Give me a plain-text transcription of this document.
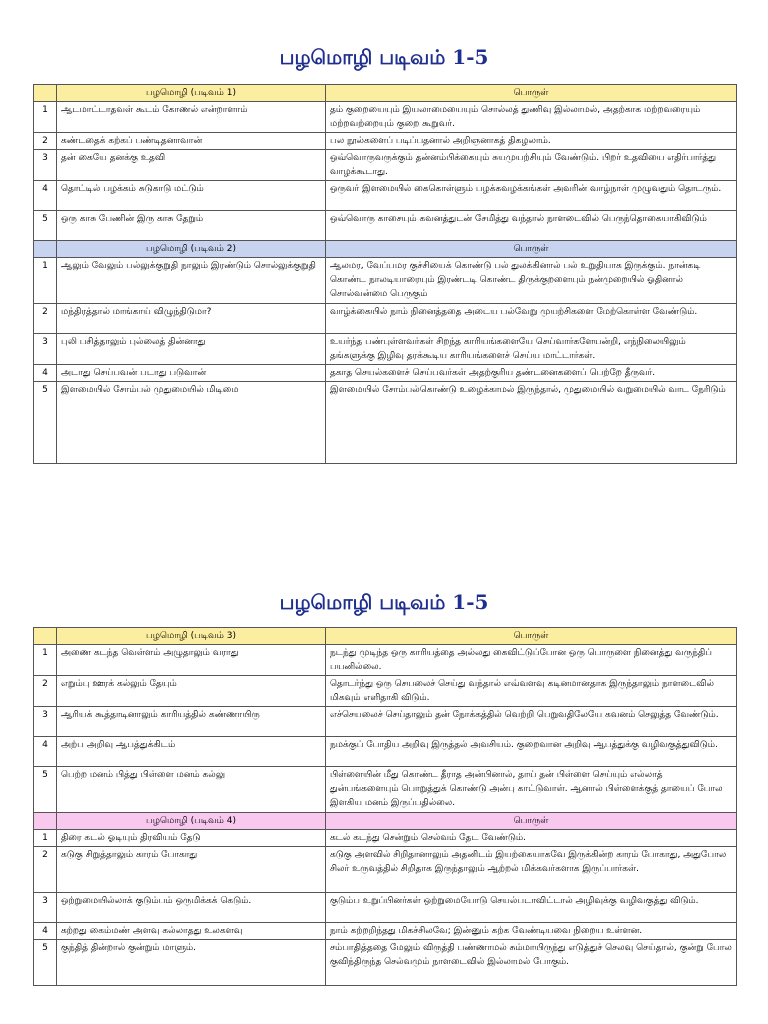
பழமொழி படிவம் 1-5
	பழமொழி (படிவம் 1)	பொருள்
1	ஆடமாட்டாதவள் கூடம் கோணல் என்றாளாம்	தம் குறையையும் இயலாமையையும் சொல்லத் துணிவு இல்லாமல், அதற்காக மற்றவரையும் மற்றவற்றையும் குறை கூறுவர்.
2	கண்டதைக் கற்கப் பண்டிதனாவான்	பல நூல்களைப் படிப்பதனால் அறிஞனாகத் திகழலாம்.
3	தன் கையே தனக்கு உதவி	ஒவ்வொருவருக்கும் தன்னம்பிக்கையும் சுயமுயற்சியும் வேண்டும். பிறர் உதவியை எதிர்பார்த்து வாழக்கூடாது.
4	தொட்டில் பழக்கம் சுடுகாடு மட்டும்	ஒருவர் இளமையில் கைகொள்ளும் பழக்கவழக்கங்கள் அவரின் வாழ்நாள் முழுவதும் தொடரும்.
5	ஒரு காசு பேணின் இரு காசு தேறும்	ஒவ்வொரு காசையும் கவனத்துடன் சேமித்து வந்தால் நாளடைவில் பெருந்தொகையாகிவிடும்
	பழமொழி (படிவம் 2)	பொருள்
1	ஆலும் வேலும் பல்லுக்குறுதி நாலும் இரண்டும் சொல்லுக்குறுதி	ஆலமர, வேப்பமர குச்சியைக் கொண்டு பல் துலக்கினால் பல் உறுதியாக இருக்கும். நான்கடி கொண்ட நாலடியாரையும் இரண்டடி கொண்ட திருக்குறளையும் நன்முறையில் ஓதினால் சொல்வன்மை பெருகும்
2	மந்திரத்தால் மாங்காய் விழுந்திடுமா?	வாழ்க்கையில் நாம் நினைத்ததை அடைய பல்வேறு முயற்சிகளை மேற்கொள்ள வேண்டும்.
3	புலி பசித்தாலும் புல்லைத் தின்னாது	உயர்ந்த பண்புள்ளவர்கள் சிறந்த காரியங்களையே செய்வார்களேயன்றி, எந்நிலையிலும் தங்களுக்கு இழிவு தரக்கூடிய காரியங்களைச் செய்ய மாட்டார்கள்.
4	அடாது செய்பவன் படாது படுவான்	தகாத செயல்களைச் செய்பவர்கள் அதற்குரிய தண்டனைகளைப் பெற்றே தீருவர்.
5	இளமையில் சோம்பல் முதுமையில் மிடிமை	இளமையில் சோம்பல்கொண்டு உழைக்காமல் இருந்தால், முதுமையில் வறுமையில் வாட நேரிடும்
பழமொழி படிவம் 1-5
	பழமொழி (படிவம் 3)	பொருள்
1	அணை கடந்த வெள்ளம் அழுதாலும் வராது	நடந்து முடிந்த ஒரு காரியத்தை அல்லது கைவிட்டுப்போன ஒரு பொருளை நினைத்து வருந்திப் பயனில்லை.
2	எறும்பு ஊரக் கல்லும் தேயும்	தொடர்ந்து ஒரு செயலைச் செய்து வந்தால் எவ்வளவு கடினமானதாக இருந்தாலும் நாளடைவில் மிகவும் எளிதாகி விடும்.
3	ஆரியக் கூத்தாடினாலும் காரியத்தில் கண்ணாயிரு	எச்செயலைச் செய்தாலும் தன் நோக்கத்தில் வெற்றி பெறுவதிலேயே கவனம் செலுத்த வேண்டும்.
4	அற்ப அறிவு ஆபத்துக்கிடம்	நமக்குப் போதிய அறிவு இருத்தல் அவசியம். குறைவான அறிவு ஆபத்துக்கு வழிவகுத்துவிடும்.
5	பெற்ற மனம் பித்து பிள்ளை மனம் கல்லு	பிள்ளையின் மீது கொண்ட தீராத அன்பினால், தாய் தன் பிள்ளை செய்யும் எல்லாத் துன்பங்களையும் பொறுத்துக் கொண்டு அன்பு காட்டுவாள். ஆனால் பிள்ளைக்குத் தாயைப் போல இளகிய மனம் இருப்பதில்லை.
	பழமொழி (படிவம் 4)	பொருள்
1	திரை கடல் ஓடியும் திரவியம் தேடு	கடல் கடந்து சென்றும் செல்வம் தேட வேண்டும்.
2	கடுகு சிறுத்தாலும் காரம் போகாது	கடுகு அளவில் சிறிதானாலும் அதனிடம் இயற்கையாகவே இருக்கின்ற காரம் போகாது, அதுபோல சிலர் உருவத்தில் சிறிதாக இருந்தாலும் ஆற்றல் மிக்கவர்களாக இருப்பார்கள்.
3	ஒற்றுமையில்லாக் குடும்பம் ஒருமிக்கக் கெடும்.	குடும்ப உறுப்பினர்கள் ஒற்றுமையோடு செயல்படாவிட்டால் அழிவுக்கு வழிவகுத்து விடும்.
4	கற்றது கைம்மண் அளவு கல்லாதது உலகளவு	நாம் கற்றறிந்தது மிகச்சிலவே; இன்னும் கற்க வேண்டியவை நிறைய உள்ளன.
5	குந்தித் தின்றால் குன்றும் மாளும்.	சம்பாதித்ததை மேலும் விருத்தி பண்ணாமல் சும்மாயிருந்து எடுத்துச் செலவு செய்தால், குன்று போல குவிந்திருந்த செல்வமும் நாளடைவில் இல்லாமல் போகும்.
